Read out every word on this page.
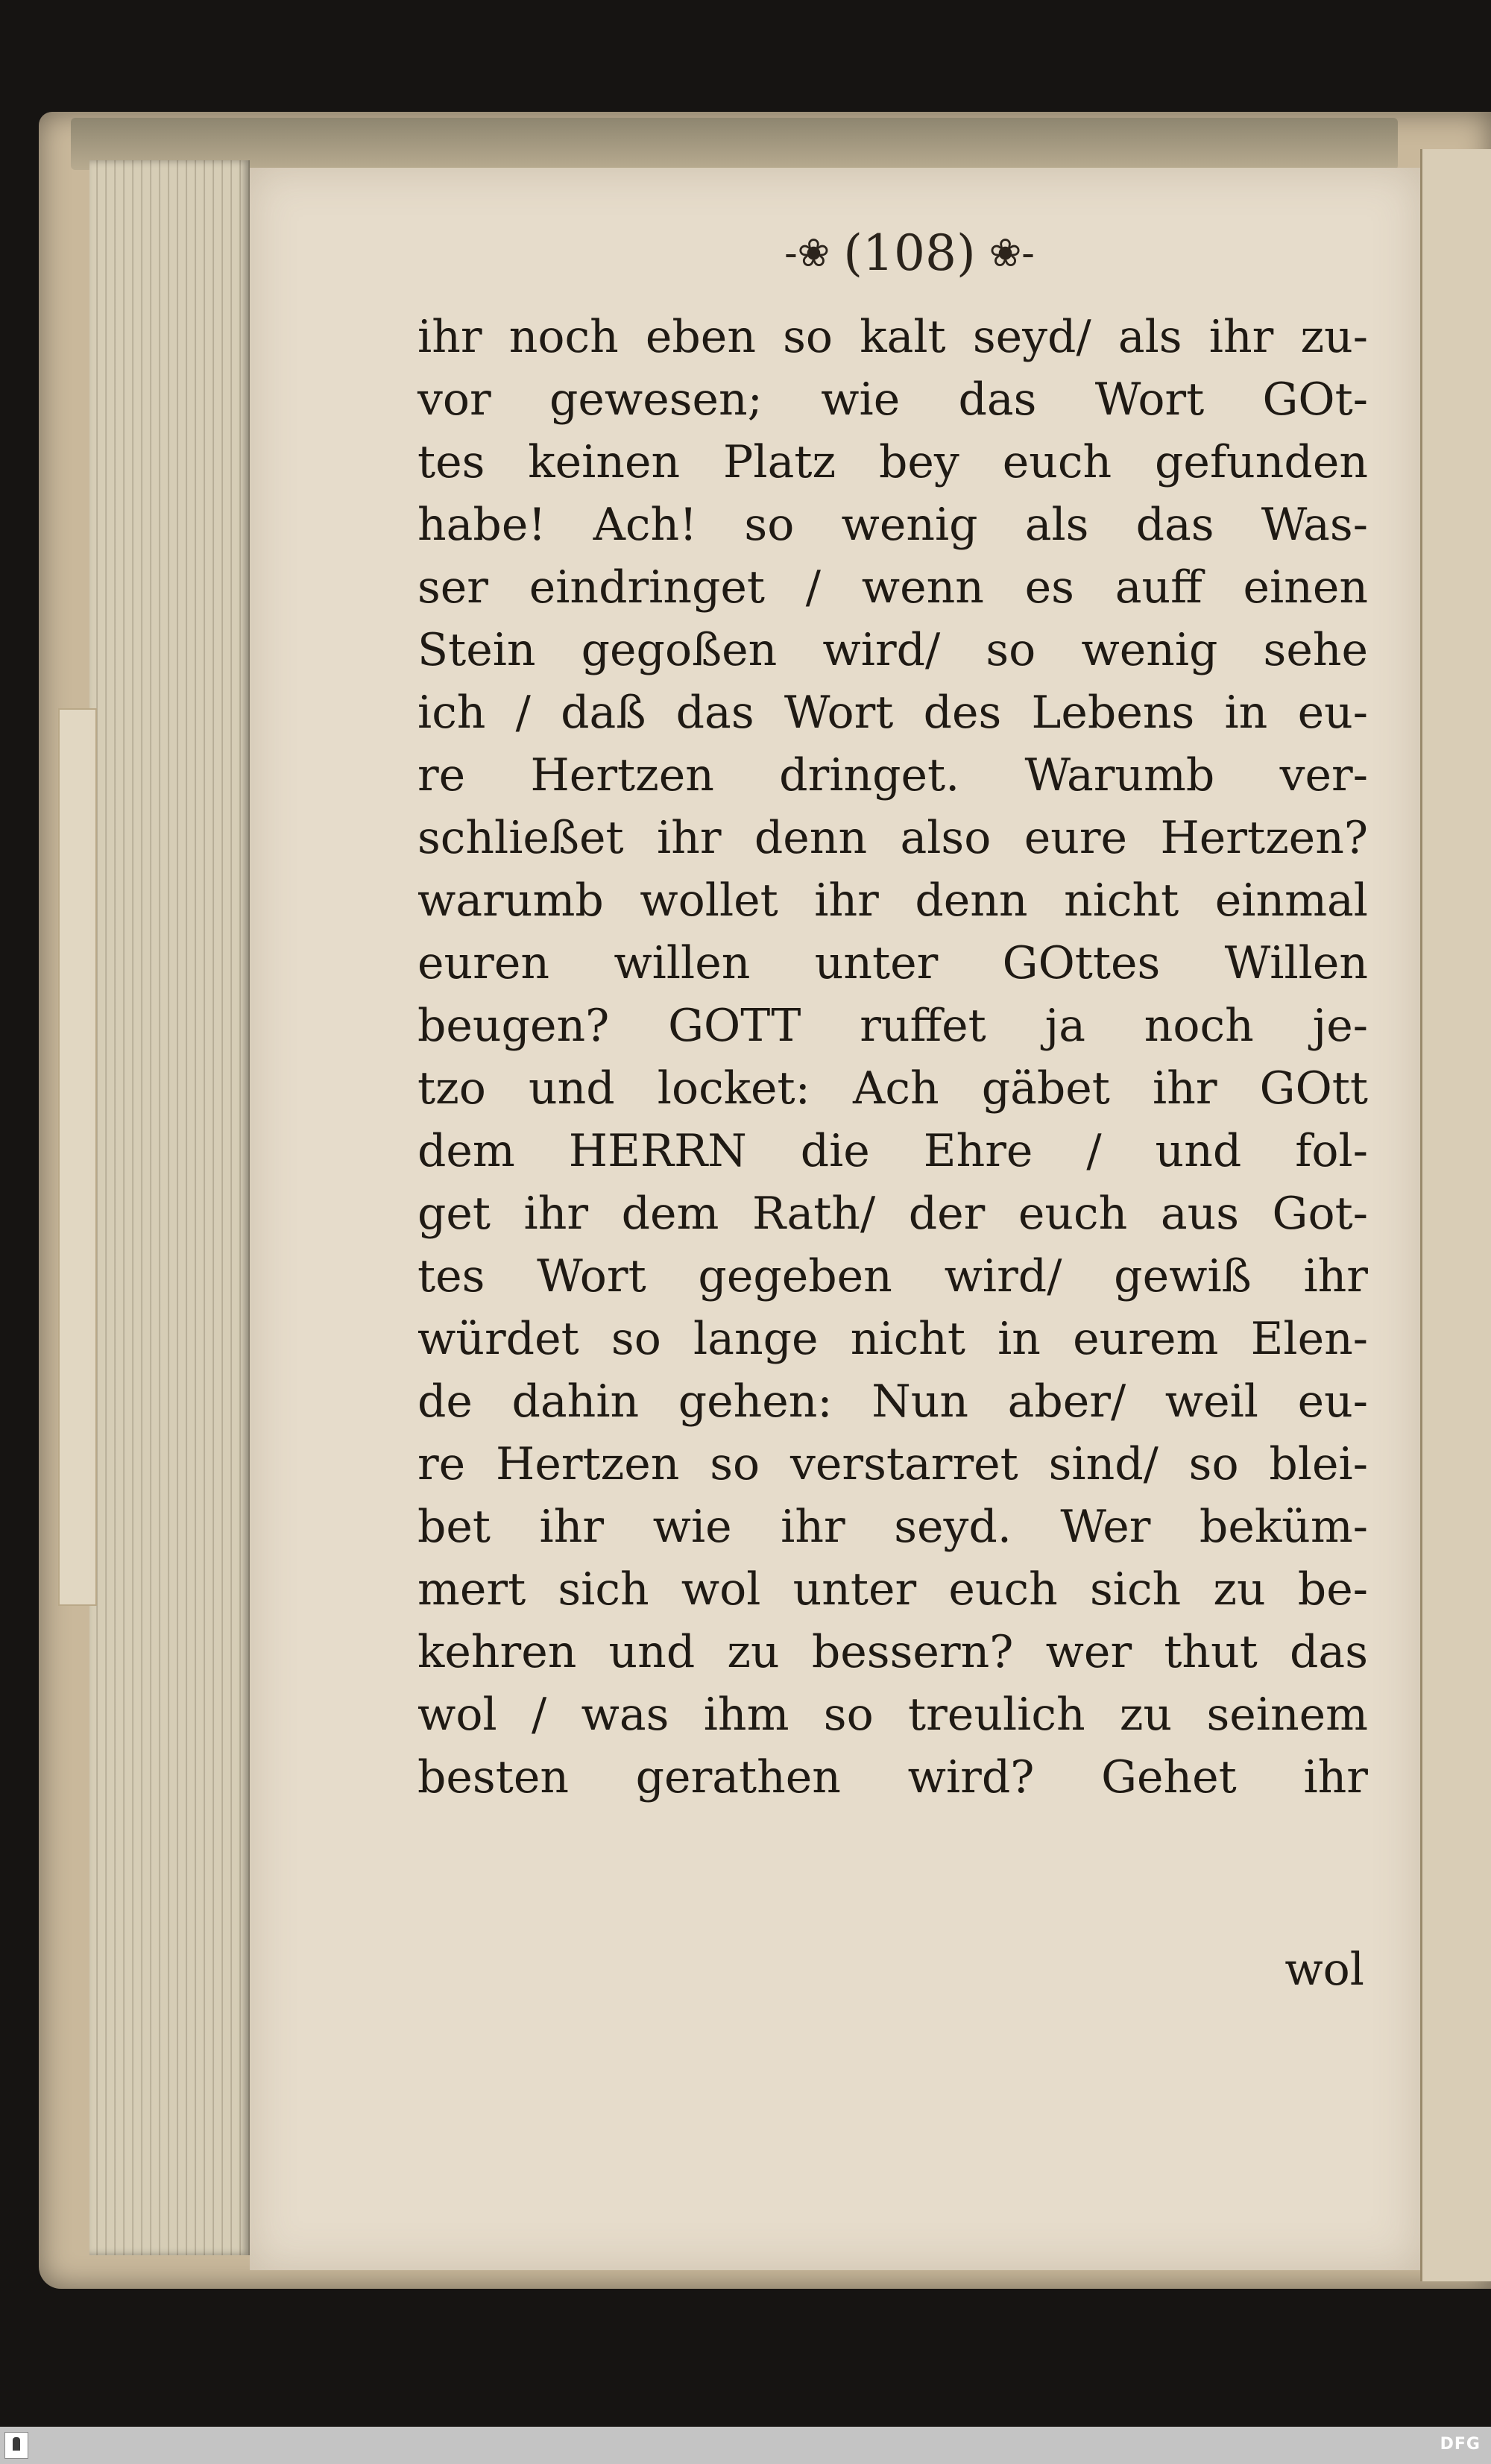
-❀ (108) ❀-
ihr noch eben so kalt seyd/ als ihr zu-
vor gewesen; wie das Wort GOt-
tes keinen Platz bey euch gefunden
habe! Ach! so wenig als das Was-
ser eindringet / wenn es auff einen
Stein gegoßen wird/ so wenig sehe
ich / daß das Wort des Lebens in eu-
re Hertzen dringet. Warumb ver-
schließet ihr denn also eure Hertzen?
warumb wollet ihr denn nicht einmal
euren willen unter GOttes Willen
beugen? GOTT ruffet ja noch je-
tzo und locket: Ach gäbet ihr GOtt
dem HERRN die Ehre / und fol-
get ihr dem Rath/ der euch aus Got-
tes Wort gegeben wird/ gewiß ihr
würdet so lange nicht in eurem Elen-
de dahin gehen: Nun aber/ weil eu-
re Hertzen so verstarret sind/ so blei-
bet ihr wie ihr seyd. Wer beküm-
mert sich wol unter euch sich zu be-
kehren und zu bessern? wer thut das
wol / was ihm so treulich zu seinem
besten gerathen wird? Gehet ihr
wol
DFG
